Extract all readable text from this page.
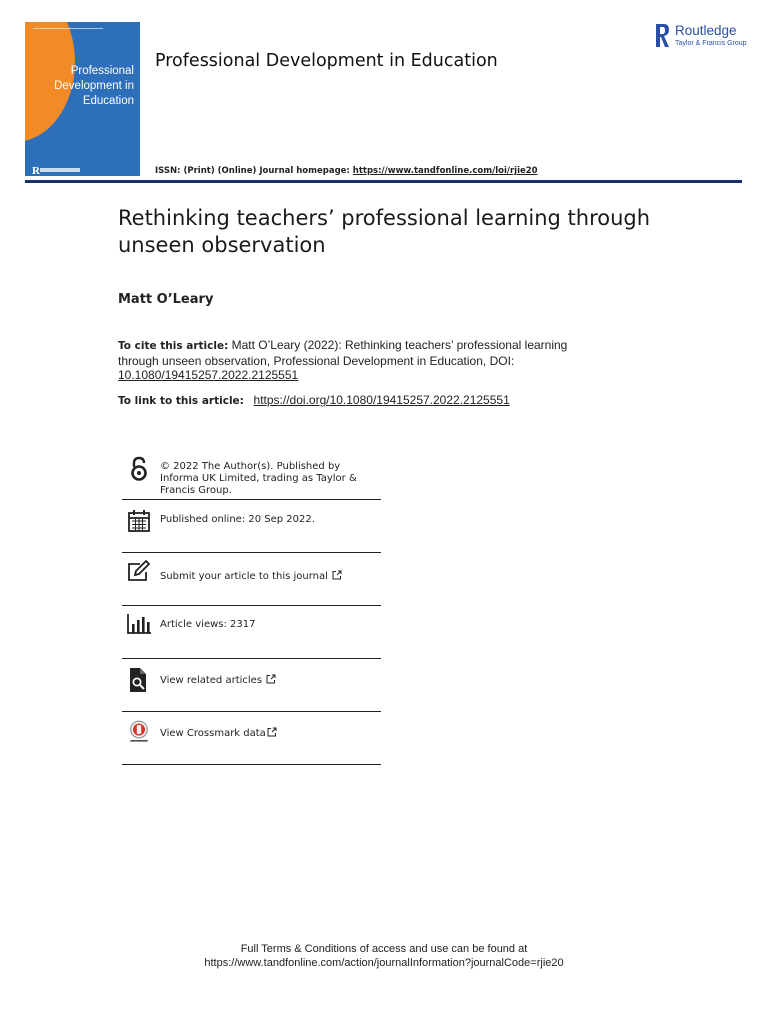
Professional Development in Education
R
Professional Development in Education
ISSN: (Print) (Online) Journal homepage: https://www.tandfonline.com/loi/rjie20
Routledge
Taylor & Francis Group
Rethinking teachers’ professional learning through unseen observation
Matt O’Leary
To cite this article: Matt O’Leary (2022): Rethinking teachers’ professional learning through unseen observation, Professional Development in Education, DOI: 10.1080/19415257.2022.2125551
To link to this article: https://doi.org/10.1080/19415257.2022.2125551
© 2022 The Author(s). Published by Informa UK Limited, trading as Taylor & Francis Group.
Published online: 20 Sep 2022.
Submit your article to this journal
Article views: 2317
View related articles
View Crossmark data
Full Terms & Conditions of access and use can be found at
https://www.tandfonline.com/action/journalInformation?journalCode=rjie20
